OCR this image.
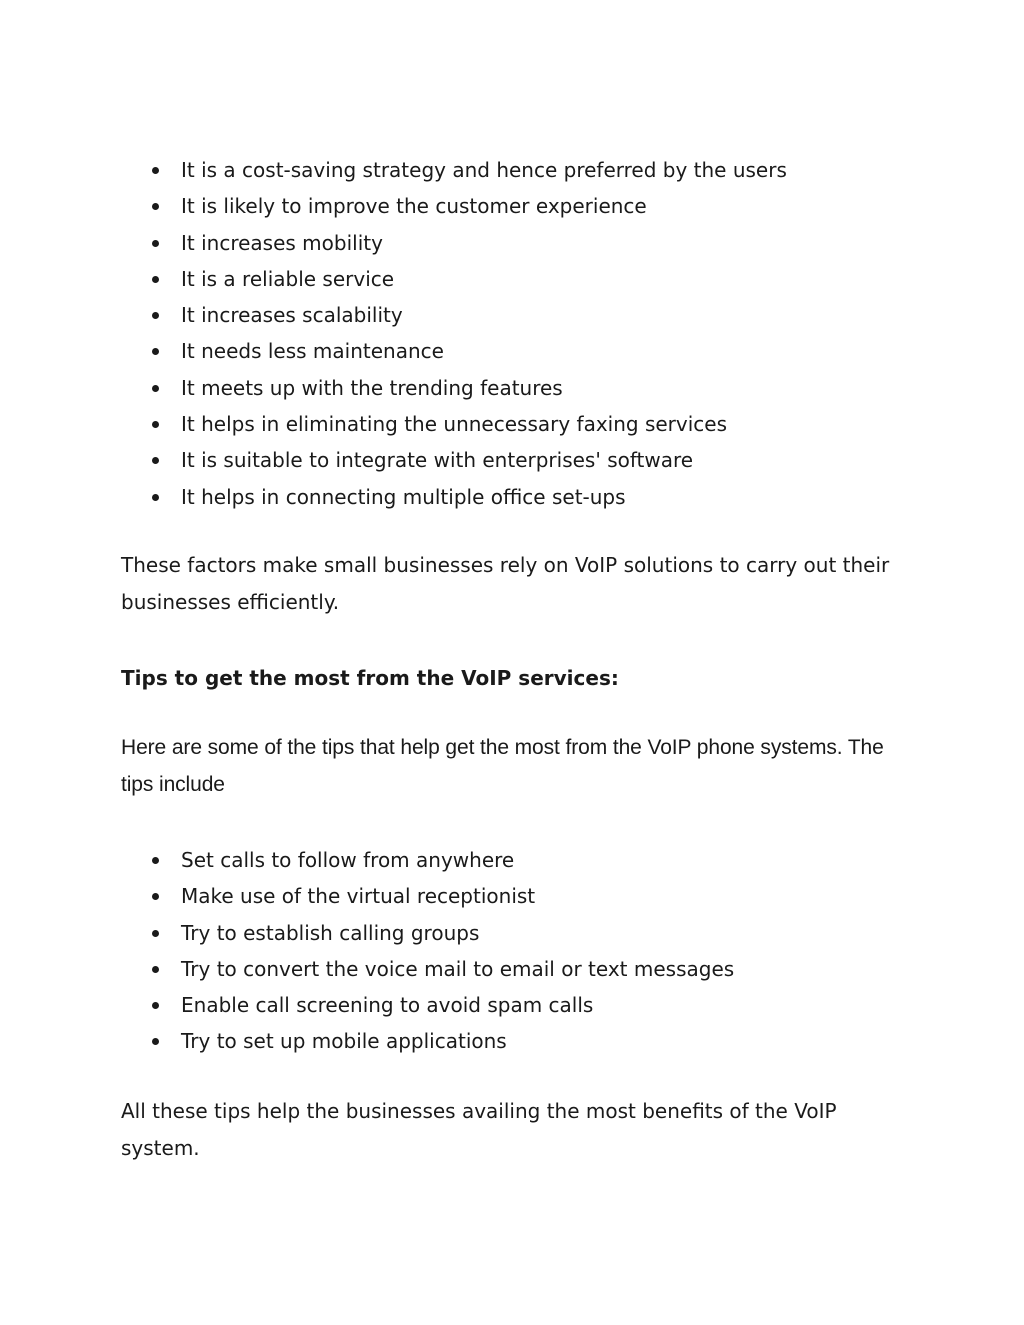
It is a cost-saving strategy and hence preferred by the users
It is likely to improve the customer experience
It increases mobility
It is a reliable service
It increases scalability
It needs less maintenance
It meets up with the trending features
It helps in eliminating the unnecessary faxing services
It is suitable to integrate with enterprises' software
It helps in connecting multiple office set-ups

These factors make small businesses rely on VoIP solutions to carry out their businesses efficiently.

Tips to get the most from the VoIP services:

Here are some of the tips that help get the most from the VoIP phone systems. The tips include

Set calls to follow from anywhere
Make use of the virtual receptionist
Try to establish calling groups
Try to convert the voice mail to email or text messages
Enable call screening to avoid spam calls
Try to set up mobile applications

All these tips help the businesses availing the most benefits of the VoIP system.
